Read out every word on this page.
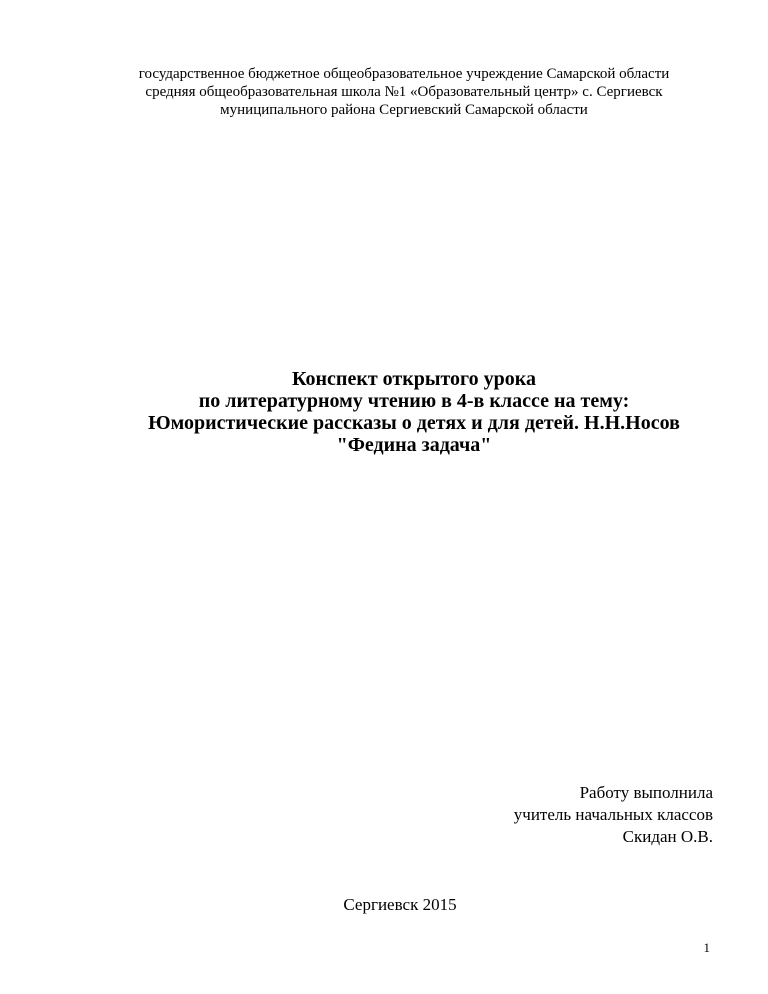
государственное бюджетное общеобразовательное учреждение Самарской области
средняя общеобразовательная школа №1 «Образовательный центр» с. Сергиевск
муниципального района Сергиевский Самарской области
Конспект открытого урока
по литературному чтению в 4-в классе на тему:
Юмористические рассказы о детях и для детей. Н.Н.Носов
"Федина задача"
Работу выполнила
учитель начальных классов
Скидан О.В.
Сергиевск 2015
1
